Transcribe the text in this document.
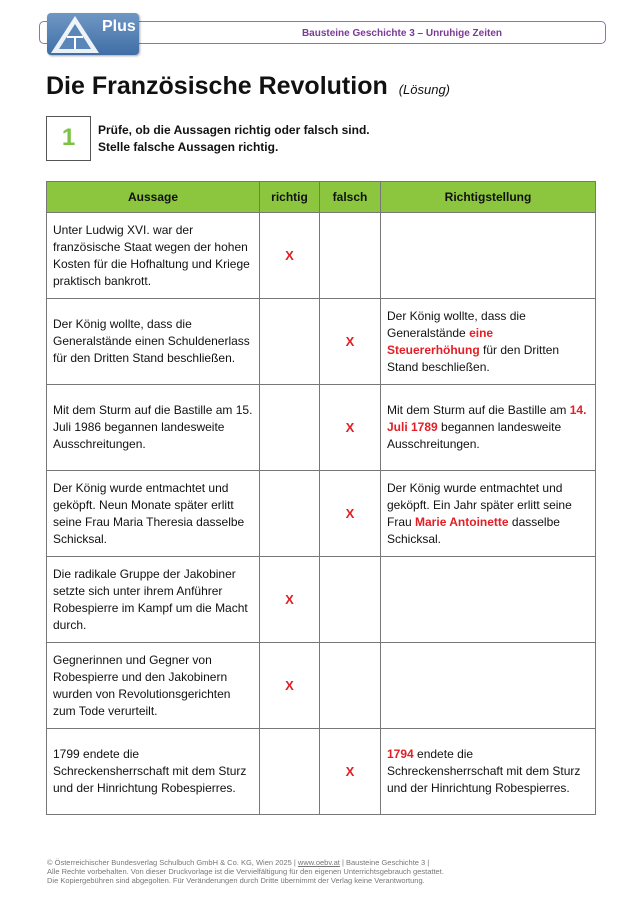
Bausteine Geschichte 3 – Unruhige Zeiten
Plus
Die Französische Revolution (Lösung)
1	Prüfe, ob die Aussagen richtig oder falsch sind.
Stelle falsche Aussagen richtig.
Aussage	richtig	falsch	Richtigstellung
Unter Ludwig XVI. war der französische Staat wegen der hohen Kosten für die Hofhaltung und Kriege praktisch bankrott.	X		
Der König wollte, dass die Generalstände einen Schuldenerlass für den Dritten Stand beschließen.		X	Der König wollte, dass die Generalstände eine Steuererhöhung für den Dritten Stand beschließen.
Mit dem Sturm auf die Bastille am 15. Juli 1986 begannen landesweite Ausschreitungen.		X	Mit dem Sturm auf die Bastille am 14. Juli 1789 begannen landesweite Ausschreitungen.
Der König wurde entmachtet und geköpft. Neun Monate später erlitt seine Frau Maria Theresia dasselbe Schicksal.		X	Der König wurde entmachtet und geköpft. Ein Jahr später erlitt seine Frau Marie Antoinette dasselbe Schicksal.
Die radikale Gruppe der Jakobiner setzte sich unter ihrem Anführer Robespierre im Kampf um die Macht durch.	X		
Gegnerinnen und Gegner von Robespierre und den Jakobinern wurden von Revolutionsgerichten zum Tode verurteilt.	X		
1799 endete die Schreckensherrschaft mit dem Sturz und der Hinrichtung Robespierres.		X	1794 endete die Schreckensherrschaft mit dem Sturz und der Hinrichtung Robespierres.
© Österreichischer Bundesverlag Schulbuch GmbH & Co. KG, Wien 2025 | www.oebv.at | Bausteine Geschichte 3 |
Alle Rechte vorbehalten. Von dieser Druckvorlage ist die Vervielfältigung für den eigenen Unterrichtsgebrauch gestattet.
Die Kopiergebühren sind abgegolten. Für Veränderungen durch Dritte übernimmt der Verlag keine Verantwortung.
